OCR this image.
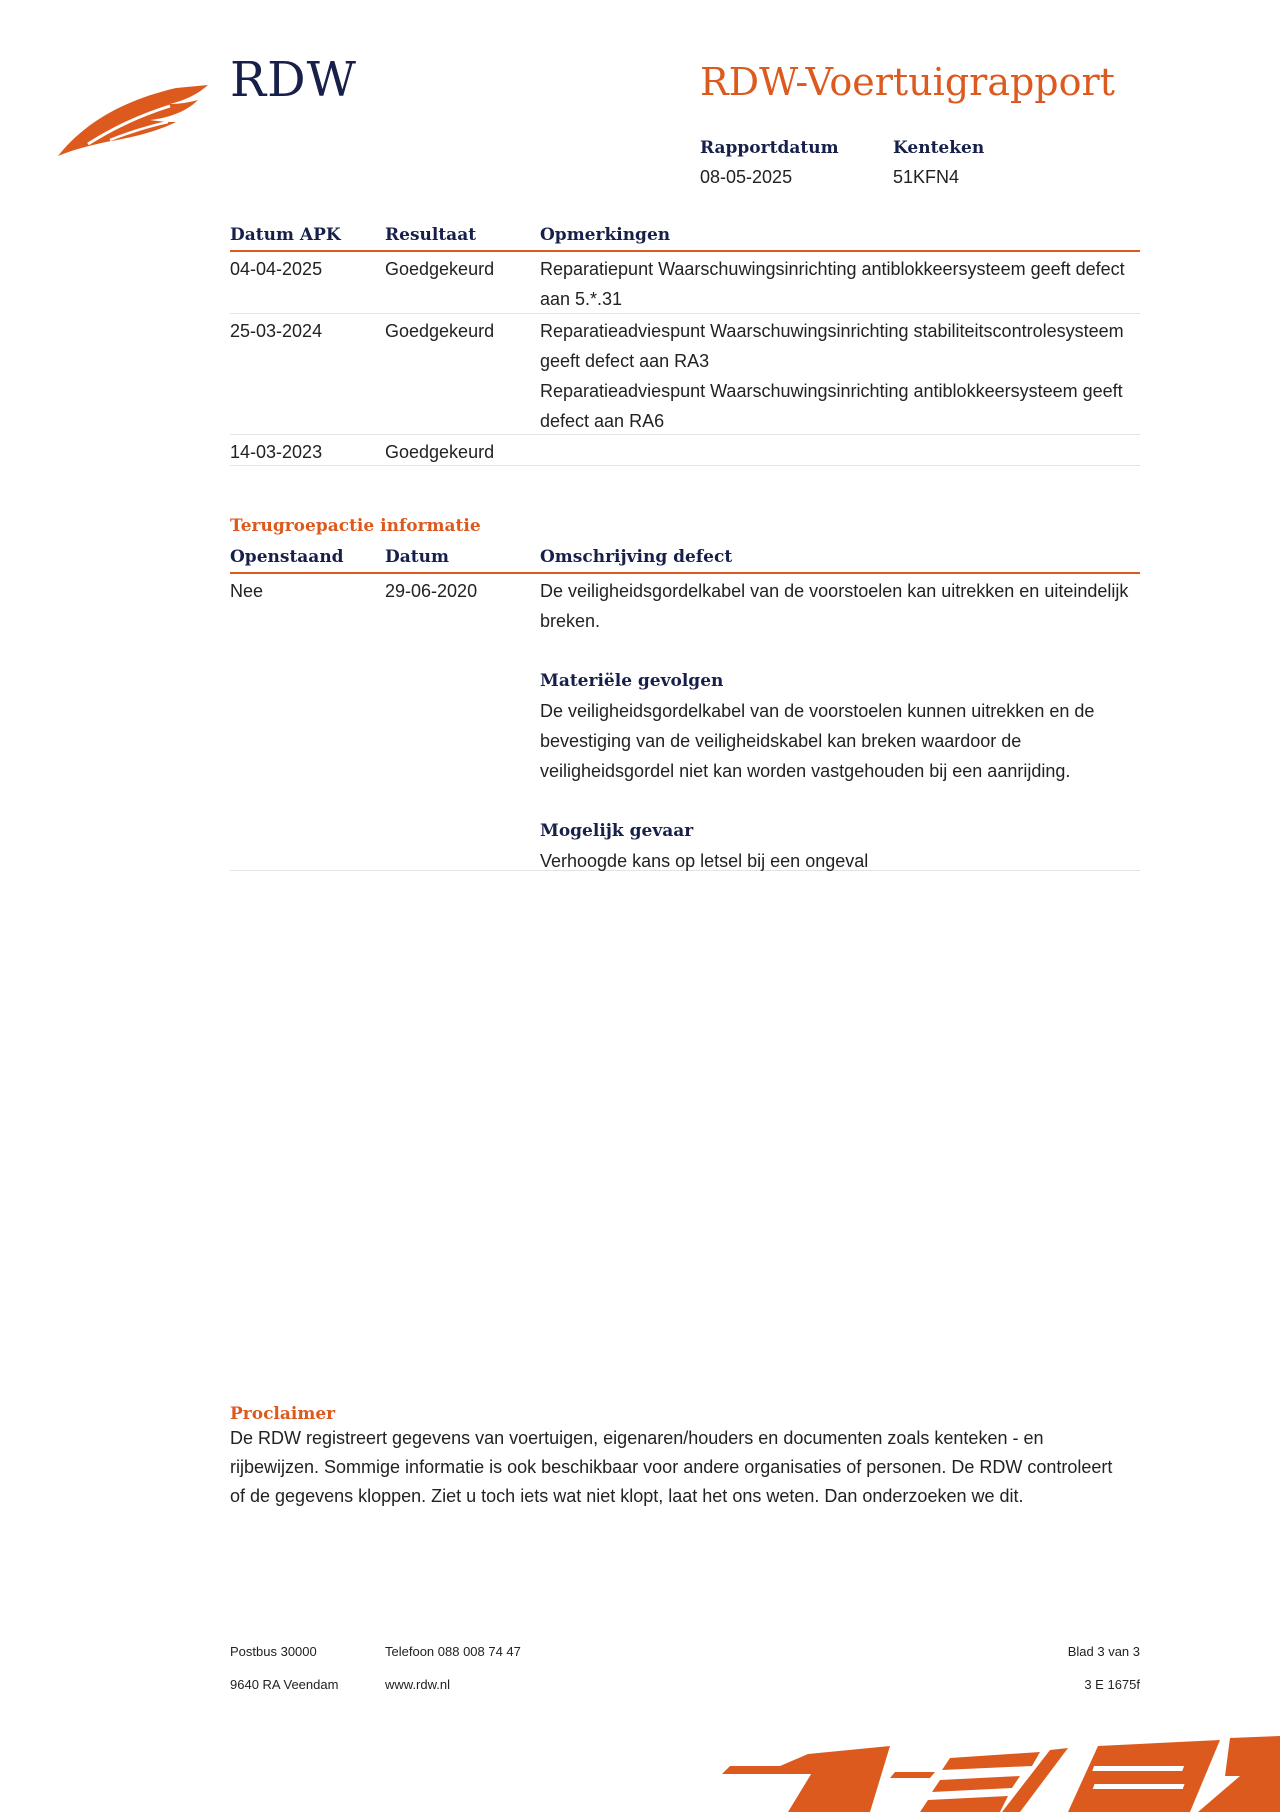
RDW	RDW-Voertuigrapport
Rapportdatum
08-05-2025
Kenteken
51KFN4
Datum APK	Resultaat	Opmerkingen
04-04-2025	Goedgekeurd	Reparatiepunt Waarschuwingsinrichting antiblokkeersysteem geeft defect aan 5.*.31

25-03-2024	Goedgekeurd	Reparatieadviespunt Waarschuwingsinrichting stabiliteitscontrolesysteem geeft defect aan RA3

Reparatieadviespunt Waarschuwingsinrichting antiblokkeersysteem geeft defect aan RA6

14-03-2023	Goedgekeurd
Terugroepactie informatie
Openstaand Datum	Omschrijving defect
Nee	29-06-2020	De veiligheidsgordelkabel van de voorstoelen kan uitrekken en uiteindelijk breken.

Materiële gevolgen

De veiligheidsgordelkabel van de voorstoelen kunnen uitrekken en de bevestiging van de veiligheidskabel kan breken waardoor de veiligheidsgordel niet kan worden vastgehouden bij een aanrijding.

Mogelijk gevaar

Verhoogde kans op letsel bij een ongeval

Proclaimer

De RDW registreert gegevens van voertuigen, eigenaren/houders en documenten zoals kenteken - en rijbewijzen. Sommige informatie is ook beschikbaar voor andere organisaties of personen. De RDW controleert of de gegevens kloppen. Ziet u toch iets wat niet klopt, laat het ons weten. Dan onderzoeken we dit.

Postbus 30000
9640 RA Veendam
Telefoon 088 008 74 47
www.rdw.nl
Blad 3 van 3
3 E 1675f
